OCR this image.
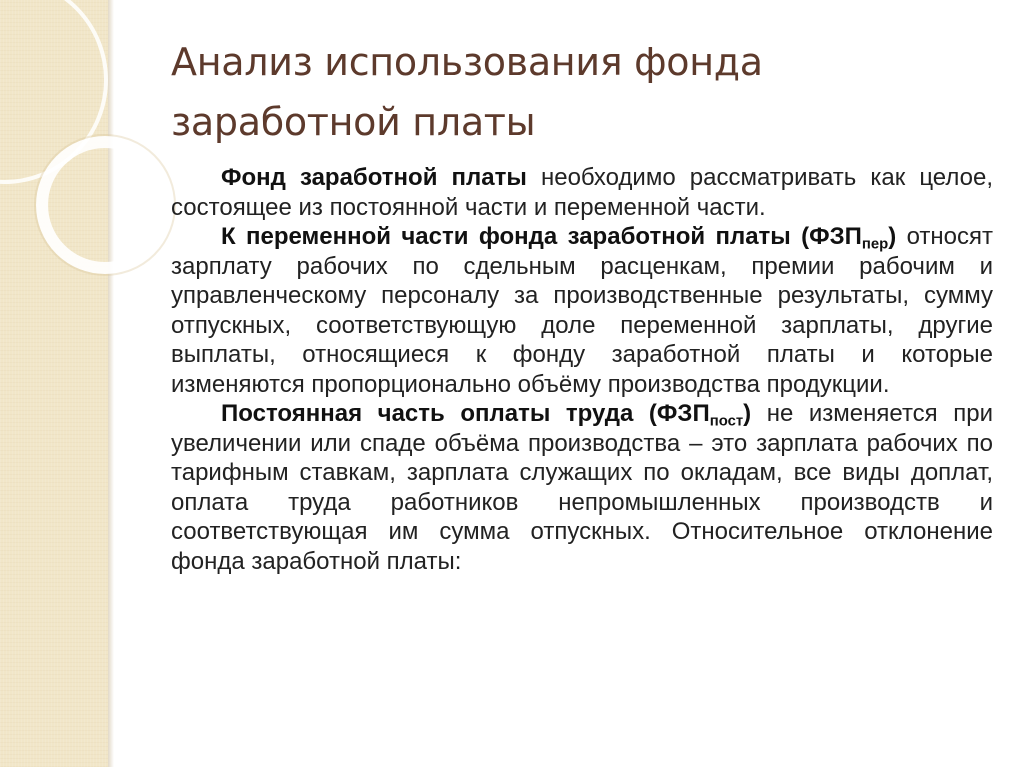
Анализ использования фонда заработной платы

Фонд заработной платы необходимо рассматривать как целое, состоящее из постоянной части и переменной части.

К переменной части фонда заработной платы $(ФЗП_{пер})$ относят зарплату рабочих по сдельным расценкам, премии рабочим и управленческому персоналу за производственные результаты, сумму отпускных, соответствующую доле переменной зарплаты, другие выплаты, относящиеся к фонду заработной платы и которые изменяются пропорционально объёму производства продукции.

Постоянная часть оплаты труда $(ФЗП_{пост})$ не изменяется при увеличении или спаде объёма производства – это зарплата рабочих по тарифным ставкам, зарплата служащих по окладам, все виды доплат, оплата труда работников непромышленных производств и соответствующая им сумма отпускных. Относительное отклонение фонда заработной платы:
